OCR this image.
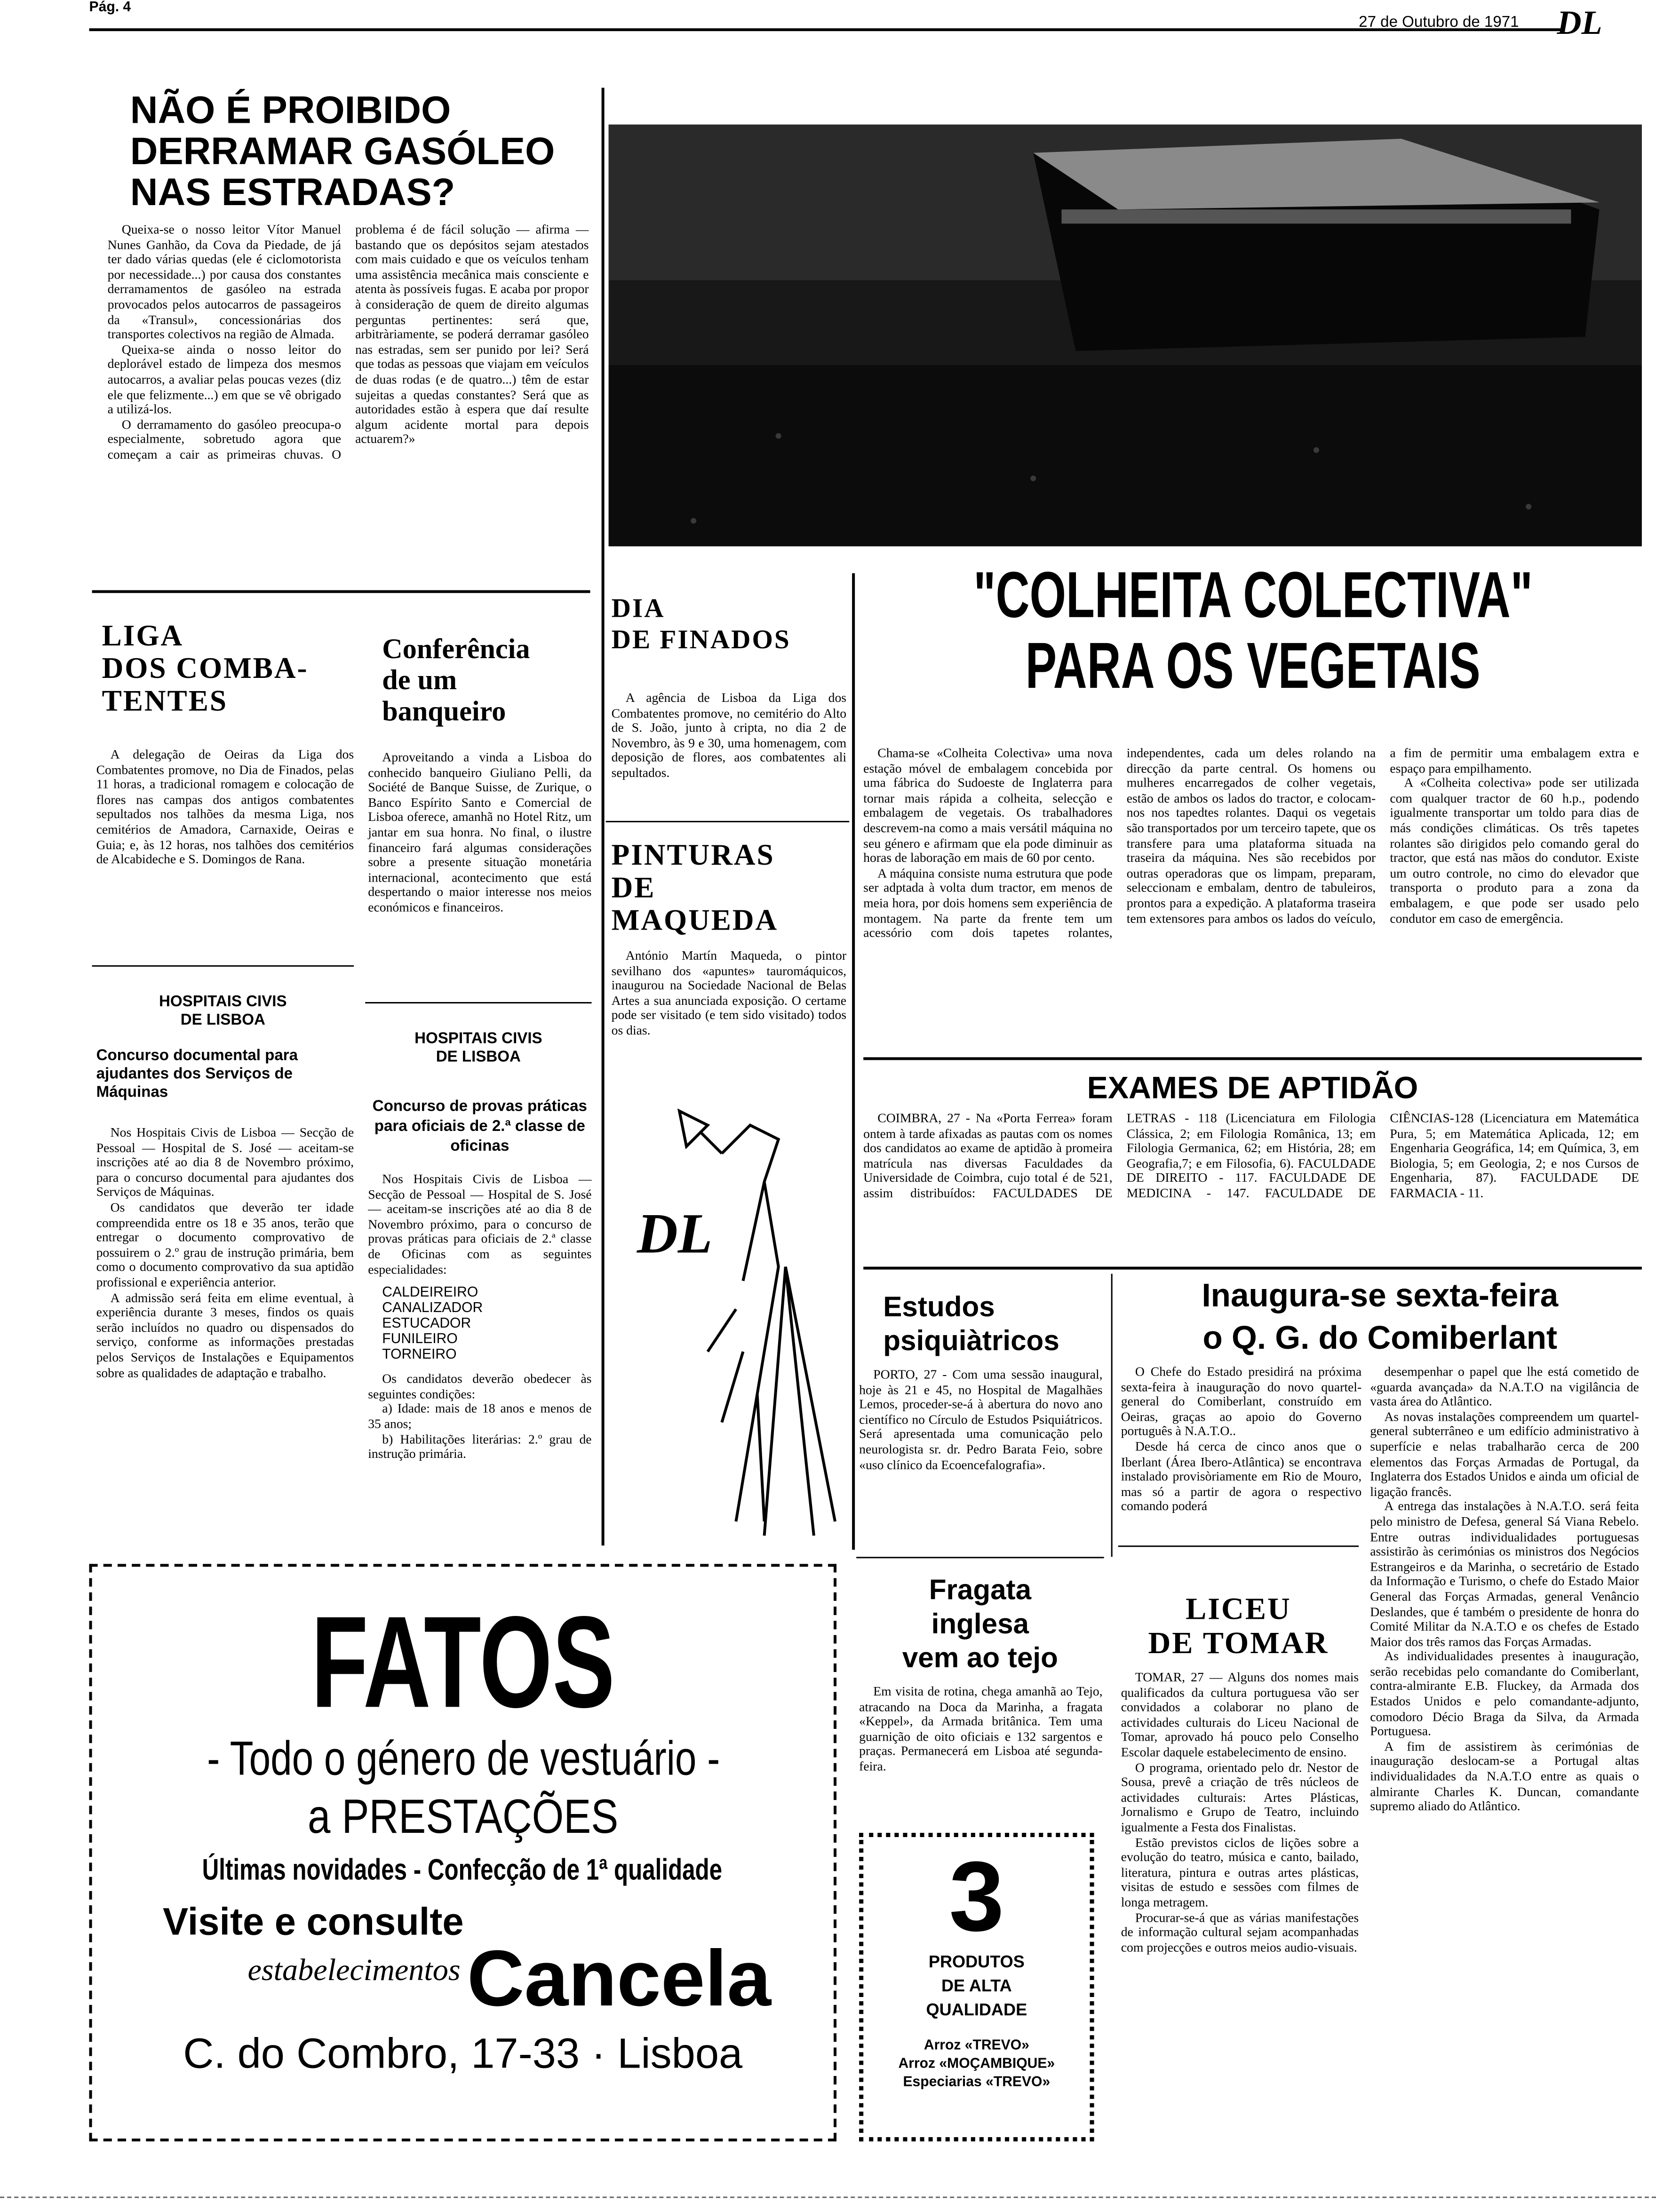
Pág. 4
27 de Outubro de 1971	DL
NÃO É PROIBIDO
DERRAMAR GASÓLEO
NAS ESTRADAS?

Queixa-se o nosso leitor Vítor Manuel Nunes Ganhão, da Cova da Piedade, de já ter dado várias quedas (ele é ciclomotorista por necessidade...) por causa dos constantes derramamentos de gasóleo na estrada provocados pelos autocarros de passageiros da «Transul», concessionárias dos transportes colectivos na região de Almada.

Queixa-se ainda o nosso leitor do deplorável estado de limpeza dos mesmos autocarros, a avaliar pelas poucas vezes (diz ele que felizmente...) em que se vê obrigado a utilizá-los.

O derramamento do gasóleo preocupa-o especialmente, sobretudo agora que começam a cair as primeiras chuvas. O problema é de fácil solução — afirma — bastando que os depósitos sejam atestados com mais cuidado e que os veículos tenham uma assistência mecânica mais consciente e atenta às possíveis fugas. E acaba por propor à consideração de quem de direito algumas perguntas pertinentes: será que, arbitràriamente, se poderá derramar gasóleo nas estradas, sem ser punido por lei? Será que todas as pessoas que viajam em veículos de duas rodas (e de quatro...) têm de estar sujeitas a quedas constantes? Será que as autoridades estão à espera que daí resulte algum acidente mortal para depois actuarem?»

LIGA
DOS COMBA-
TENTES

A delegação de Oeiras da Liga dos Combatentes promove, no Dia de Finados, pelas 11 horas, a tradicional romagem e colocação de flores nas campas dos antigos combatentes sepultados nos talhões da mesma Liga, nos cemitérios de Amadora, Carnaxide, Oeiras e Guia; e, às 12 horas, nos talhões dos cemitérios de Alcabideche e S. Domingos de Rana.

HOSPITAIS CIVIS
DE LISBOA
Concurso documental para ajudantes dos Serviços de Máquinas

Nos Hospitais Civis de Lisboa — Secção de Pessoal — Hospital de S. José — aceitam-se inscrições até ao dia 8 de Novembro próximo, para o concurso documental para ajudantes dos Serviços de Máquinas.

Os candidatos que deverão ter idade compreendida entre os 18 e 35 anos, terão que entregar o documento comprovativo de possuirem o 2.º grau de instrução primária, bem como o documento comprovativo da sua aptidão profissional e experiência anterior.

A admissão será feita em elime eventual, à experiência durante 3 meses, findos os quais serão incluídos no quadro ou dispensados do serviço, conforme as informações prestadas pelos Serviços de Instalações e Equipamentos sobre as qualidades de adaptação e trabalho.

Conferência
de um
banqueiro

Aproveitando a vinda a Lisboa do conhecido banqueiro Giuliano Pelli, da Société de Banque Suisse, de Zurique, o Banco Espírito Santo e Comercial de Lisboa oferece, amanhã no Hotel Ritz, um jantar em sua honra. No final, o ilustre financeiro fará algumas considerações sobre a presente situação monetária internacional, acontecimento que está despertando o maior interesse nos meios económicos e financeiros.

HOSPITAIS CIVIS
DE LISBOA
Concurso de provas práticas para oficiais de 2.ª classe de oficinas

Nos Hospitais Civis de Lisboa — Secção de Pessoal — Hospital de S. José — aceitam-se inscrições até ao dia 8 de Novembro próximo, para o concurso de provas práticas para oficiais de 2.ª classe de Oficinas com as seguintes especialidades:

CALDEIREIRO
CANALIZADOR
ESTUCADOR
FUNILEIRO
TORNEIRO

Os candidatos deverão obedecer às seguintes condições:

a) Idade: mais de 18 anos e menos de 35 anos;

b) Habilitações literárias: 2.º grau de instrução primária.

DIA
DE FINADOS

A agência de Lisboa da Liga dos Combatentes promove, no cemitério do Alto de S. João, junto à cripta, no dia 2 de Novembro, às 9 e 30, uma homenagem, com deposição de flores, aos combatentes ali sepultados.

PINTURAS
DE
MAQUEDA

António Martín Maqueda, o pintor sevilhano dos «apuntes» tauromáquicos, inaugurou na Sociedade Nacional de Belas Artes a sua anunciada exposição. O certame pode ser visitado (e tem sido visitado) todos os dias.

DL
"COLHEITA COLECTIVA"
PARA OS VEGETAIS

Chama-se «Colheita Colectiva» uma nova estação móvel de embalagem concebida por uma fábrica do Sudoeste de Inglaterra para tornar mais rápida a colheita, selecção e embalagem de vegetais. Os trabalhadores descrevem-na como a mais versátil máquina no seu género e afirmam que ela pode diminuir as horas de laboração em mais de 60 por cento.

A máquina consiste numa estrutura que pode ser adptada à volta dum tractor, em menos de meia hora, por dois homens sem experiência de montagem. Na parte da frente tem um acessório com dois tapetes rolantes, independentes, cada um deles rolando na direcção da parte central. Os homens ou mulheres encarregados de colher vegetais, estão de ambos os lados do tractor, e colocam-nos nos tapedtes rolantes. Daqui os vegetais são transportados por um terceiro tapete, que os transfere para uma plataforma situada na traseira da máquina. Nes são recebidos por outras operadoras que os limpam, preparam, seleccionam e embalam, dentro de tabuleiros, prontos para a expedição. A plataforma traseira tem extensores para ambos os lados do veículo, a fim de permitir uma embalagem extra e espaço para empilhamento.

A «Colheita colectiva» pode ser utilizada com qualquer tractor de 60 h.p., podendo igualmente transportar um toldo para dias de más condições climáticas. Os três tapetes rolantes são dirigidos pelo comando geral do tractor, que está nas mãos do condutor. Existe um outro controle, no cimo do elevador que transporta o produto para a zona da embalagem, e que pode ser usado pelo condutor em caso de emergência.

EXAMES DE APTIDÃO

COIMBRA, 27 - Na «Porta Ferrea» foram ontem à tarde afixadas as pautas com os nomes dos candidatos ao exame de aptidão à promeira matrícula nas diversas Faculdades da Universidade de Coimbra, cujo total é de 521, assim distribuídos: FACULDADES DE LETRAS - 118 (Licenciatura em Filologia Clássica, 2; em Filologia Românica, 13; em Filologia Germanica, 62; em História, 28; em Geografia,7; e em Filosofia, 6). FACULDADE DE DIREITO - 117. FACULDADE DE MEDICINA - 147. FACULDADE DE CIÊNCIAS-128 (Licenciatura em Matemática Pura, 5; em Matemática Aplicada, 12; em Engenharia Geográfica, 14; em Química, 3, em Biologia, 5; em Geologia, 2; e nos Cursos de Engenharia, 87). FACULDADE DE FARMACIA - 11.

Estudos
psiquiàtricos

PORTO, 27 - Com uma sessão inaugural, hoje às 21 e 45, no Hospital de Magalhães Lemos, proceder-se-á à abertura do novo ano científico no Círculo de Estudos Psiquiátricos. Será apresentada uma comunicação pelo neurologista sr. dr. Pedro Barata Feio, sobre «uso clínico da Ecoencefalografia».

Inaugura-se sexta-feira
o Q. G. do Comiberlant

O Chefe do Estado presidirá na próxima sexta-feira à inauguração do novo quartel-general do Comiberlant, construído em Oeiras, graças ao apoio do Governo português à N.A.T.O..

Desde há cerca de cinco anos que o Iberlant (Área Ibero-Atlântica) se encontrava instalado provisòriamente em Rio de Mouro, mas só a partir de agora o respectivo comando poderá

desempenhar o papel que lhe está cometido de «guarda avançada» da N.A.T.O na vigilância de vasta área do Atlântico.

As novas instalações compreendem um quartel-general subterrâneo e um edifício administrativo à superfície e nelas trabalharão cerca de 200 elementos das Forças Armadas de Portugal, da Inglaterra dos Estados Unidos e ainda um oficial de ligação francês.

A entrega das instalações à N.A.T.O. será feita pelo ministro de Defesa, general Sá Viana Rebelo. Entre outras individualidades portuguesas assistirão às cerimónias os ministros dos Negócios Estrangeiros e da Marinha, o secretário de Estado da Informação e Turismo, o chefe do Estado Maior General das Forças Armadas, general Venâncio Deslandes, que é também o presidente de honra do Comité Militar da N.A.T.O e os chefes de Estado Maior dos três ramos das Forças Armadas.

As individualidades presentes à inauguração, serão recebidas pelo comandante do Comiberlant, contra-almirante E.B. Fluckey, da Armada dos Estados Unidos e pelo comandante-adjunto, comodoro Décio Braga da Silva, da Armada Portuguesa.

A fim de assistirem às cerimónias de inauguração deslocam-se a Portugal altas individualidades da N.A.T.O entre as quais o almirante Charles K. Duncan, comandante supremo aliado do Atlântico.

Fragata
inglesa
vem ao tejo

Em visita de rotina, chega amanhã ao Tejo, atracando na Doca da Marinha, a fragata «Keppel», da Armada britânica. Tem uma guarnição de oito oficiais e 132 sargentos e praças. Permanecerá em Lisboa até segunda-feira.

LICEU
DE TOMAR

TOMAR, 27 — Alguns dos nomes mais qualificados da cultura portuguesa vão ser convidados a colaborar no plano de actividades culturais do Liceu Nacional de Tomar, aprovado há pouco pelo Conselho Escolar daquele estabelecimento de ensino.

O programa, orientado pelo dr. Nestor de Sousa, prevê a criação de três núcleos de actividades culturais: Artes Plásticas, Jornalismo e Grupo de Teatro, incluindo igualmente a Festa dos Finalistas.

Estão previstos ciclos de lições sobre a evolução do teatro, música e canto, bailado, literatura, pintura e outras artes plásticas, visitas de estudo e sessões com filmes de longa metragem.

Procurar-se-á que as várias manifestações de informação cultural sejam acompanhadas com projecções e outros meios audio-visuais.

3
PRODUTOS
DE ALTA
QUALIDADE
Arroz «TREVO»
Arroz «MOÇAMBIQUE»
Especiarias «TREVO»
FATOS
- Todo o género de vestuário -
a PRESTAÇÕES
Últimas novidades - Confecção de 1ª qualidade
Visite e consulte
estabelecimentos Cancela
C. do Combro, 17-33 · Lisboa
